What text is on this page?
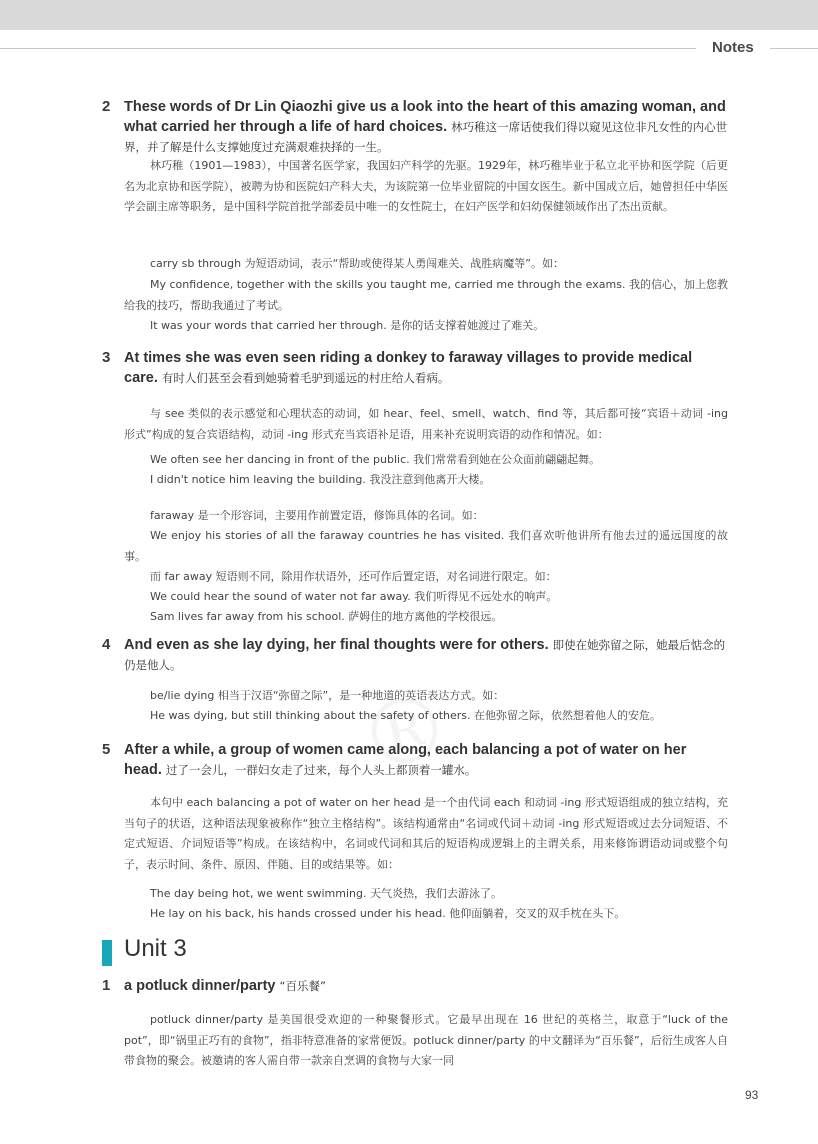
Notes
2 These words of Dr Lin Qiaozhi give us a look into the heart of this amazing woman, and what carried her through a life of hard choices. 林巧稚这一席话使我们得以窥见这位非凡女性的内心世界，并了解是什么支撑她度过充满艰难抉择的一生。
林巧稚（1901—1983），中国著名医学家，我国妇产科学的先驱。1929年，林巧稚毕业于私立北平协和医学院（后更名为北京协和医学院），被聘为协和医院妇产科大夫，为该院第一位毕业留院的中国女医生。新中国成立后，她曾担任中华医学会副主席等职务，是中国科学院首批学部委员中唯一的女性院士，在妇产医学和妇幼保健领域作出了杰出贡献。
carry sb through 为短语动词，表示“帮助或使得某人勇闯难关、战胜病魔等”。如：
My confidence, together with the skills you taught me, carried me through the exams. 我的信心，加上您教给我的技巧，帮助我通过了考试。
It was your words that carried her through. 是你的话支撑着她渡过了难关。
3 At times she was even seen riding a donkey to faraway villages to provide medical care. 有时人们甚至会看到她骑着毛驴到遥远的村庄给人看病。
与 see 类似的表示感觉和心理状态的动词，如 hear、feel、smell、watch、find 等，其后都可接“宾语＋动词 -ing 形式”构成的复合宾语结构，动词 -ing 形式充当宾语补足语，用来补充说明宾语的动作和情况。如：
We often see her dancing in front of the public. 我们常常看到她在公众面前翩翩起舞。
I didn't notice him leaving the building. 我没注意到他离开大楼。
faraway 是一个形容词，主要用作前置定语，修饰具体的名词。如：
We enjoy his stories of all the faraway countries he has visited. 我们喜欢听他讲所有他去过的遥远国度的故事。
而 far away 短语则不同，除用作状语外，还可作后置定语，对名词进行限定。如：
We could hear the sound of water not far away. 我们听得见不远处水的响声。
Sam lives far away from his school. 萨姆住的地方离他的学校很远。
4 And even as she lay dying, her final thoughts were for others. 即使在她弥留之际，她最后惦念的仍是他人。
be/lie dying 相当于汉语“弥留之际”，是一种地道的英语表达方式。如：
He was dying, but still thinking about the safety of others. 在他弥留之际，依然想着他人的安危。
5 After a while, a group of women came along, each balancing a pot of water on her head. 过了一会儿，一群妇女走了过来，每个人头上都顶着一罐水。
本句中 each balancing a pot of water on her head 是一个由代词 each 和动词 -ing 形式短语组成的独立结构，充当句子的状语，这种语法现象被称作“独立主格结构”。该结构通常由“名词或代词＋动词 -ing 形式短语或过去分词短语、不定式短语、介词短语等”构成。在该结构中，名词或代词和其后的短语构成逻辑上的主谓关系，用来修饰谓语动词或整个句子，表示时间、条件、原因、伴随、目的或结果等。如：
The day being hot, we went swimming. 天气炎热，我们去游泳了。
He lay on his back, his hands crossed under his head. 他仰面躺着，交叉的双手枕在头下。
Unit 3
1 a potluck dinner/party “百乐餐”
potluck dinner/party 是美国很受欢迎的一种聚餐形式。它最早出现在 16 世纪的英格兰，取意于“luck of the pot”，即“锅里正巧有的食物”，指非特意准备的家常便饭。potluck dinner/party 的中文翻译为“百乐餐”，后衍生成客人自带食物的聚会。被邀请的客人需自带一款亲自烹调的食物与大家一同
93
